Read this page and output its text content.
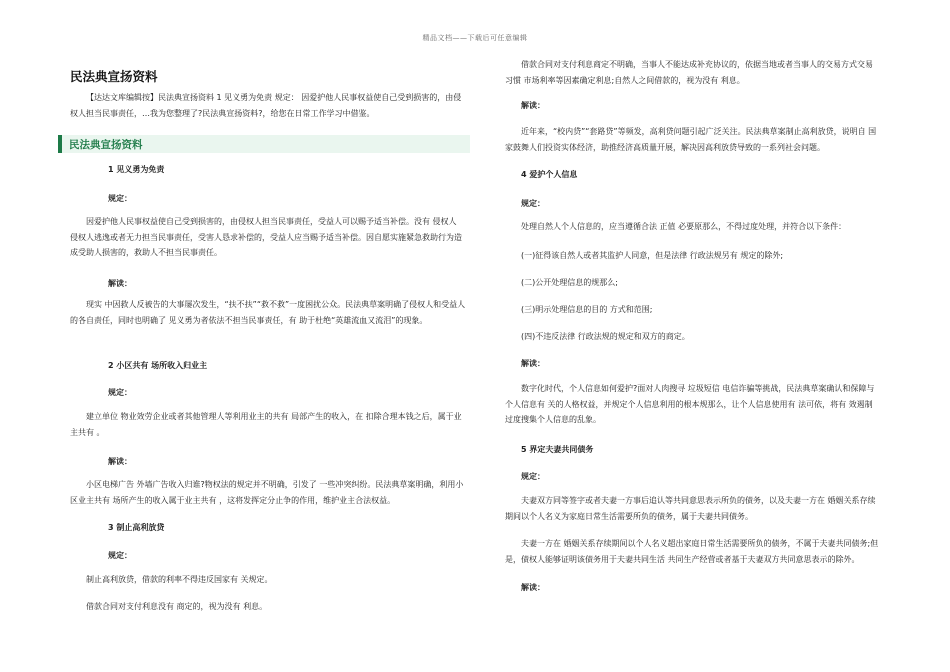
精品文档——下载后可任意编辑
民法典宣扬资料
【达达文库编辑按】民法典宣扬资料 1 见义勇为免责 规定： 因爱护他人民事权益使自己受到损害的，由侵权人担当民事责任，…我为您整理了?民法典宣扬资料?，给您在日常工作学习中借鉴。
民法典宣扬资料
1 见义勇为免责
规定：
因爱护他人民事权益使自己受到损害的，由侵权人担当民事责任，受益人可以赐予适当补偿。没有 侵权人 侵权人逃逸或者无力担当民事责任，受害人恳求补偿的，受益人应当赐予适当补偿。因自愿实施紧急救助行为造成受助人损害的，救助人不担当民事责任。
解读：
现实 中因救人反被告的大事屡次发生，“扶不扶”“救不救”一度困扰公众。民法典草案明确了侵权人和受益人的各自责任，同时也明确了 见义勇为者依法不担当民事责任，有 助于杜绝“英雄流血又流泪”的现象。
2 小区共有 场所收入归业主
规定：
建立单位 物业效劳企业或者其他管理人等利用业主的共有 局部产生的收入，在 扣除合理本钱之后，属于业主共有 。
解读：
小区电梯广告 外墙广告收入归谁?物权法的规定并不明确，引发了 一些冲突纠纷。民法典草案明确，利用小区业主共有 场所产生的收入属于业主共有 ，这将发挥定分止争的作用，维护业主合法权益。
3 制止高利放贷
规定：
制止高利放贷，借款的利率不得违反国家有 关规定。
借款合同对支付利息没有 商定的，视为没有 利息。
借款合同对支付利息商定不明确，当事人不能达成补充协议的，依据当地或者当事人的交易方式交易习惯 市场利率等因素确定利息;自然人之间借款的，视为没有 利息。
解读：
近年来，“校内贷”“套路贷”等频发，高利贷问题引起广泛关注。民法典草案制止高利放贷，说明自 国家鼓舞人们投资实体经济，助推经济高质量开展，解决因高利放贷导致的一系列社会问题。
4 爱护个人信息
规定：
处理自然人个人信息的，应当遵循合法 正值 必要原那么，不得过度处理，并符合以下条件：
(一)征得该自然人或者其监护人同意，但是法律 行政法规另有 规定的除外;
(二)公开处理信息的规那么;
(三)明示处理信息的目的 方式和范围;
(四)不违反法律 行政法规的规定和双方的商定。
解读：
数字化时代，个人信息如何爱护?面对人肉搜寻 垃圾短信 电信诈骗等挑战，民法典草案确认和保障与个人信息有 关的人格权益，并规定个人信息利用的根本规那么，让个人信息使用有 法可依，将有 效遏制过度搜集个人信息的乱象。
5 界定夫妻共同债务
规定：
夫妻双方同等签字或者夫妻一方事后追认等共同意思表示所负的债务，以及夫妻一方在 婚姻关系存续期间以个人名义为家庭日常生活需要所负的债务，属于夫妻共同债务。
夫妻一方在 婚姻关系存续期间以个人名义超出家庭日常生活需要所负的债务，不属于夫妻共同债务;但是，债权人能够证明该债务用于夫妻共同生活 共同生产经营或者基于夫妻双方共同意思表示的除外。
解读：
